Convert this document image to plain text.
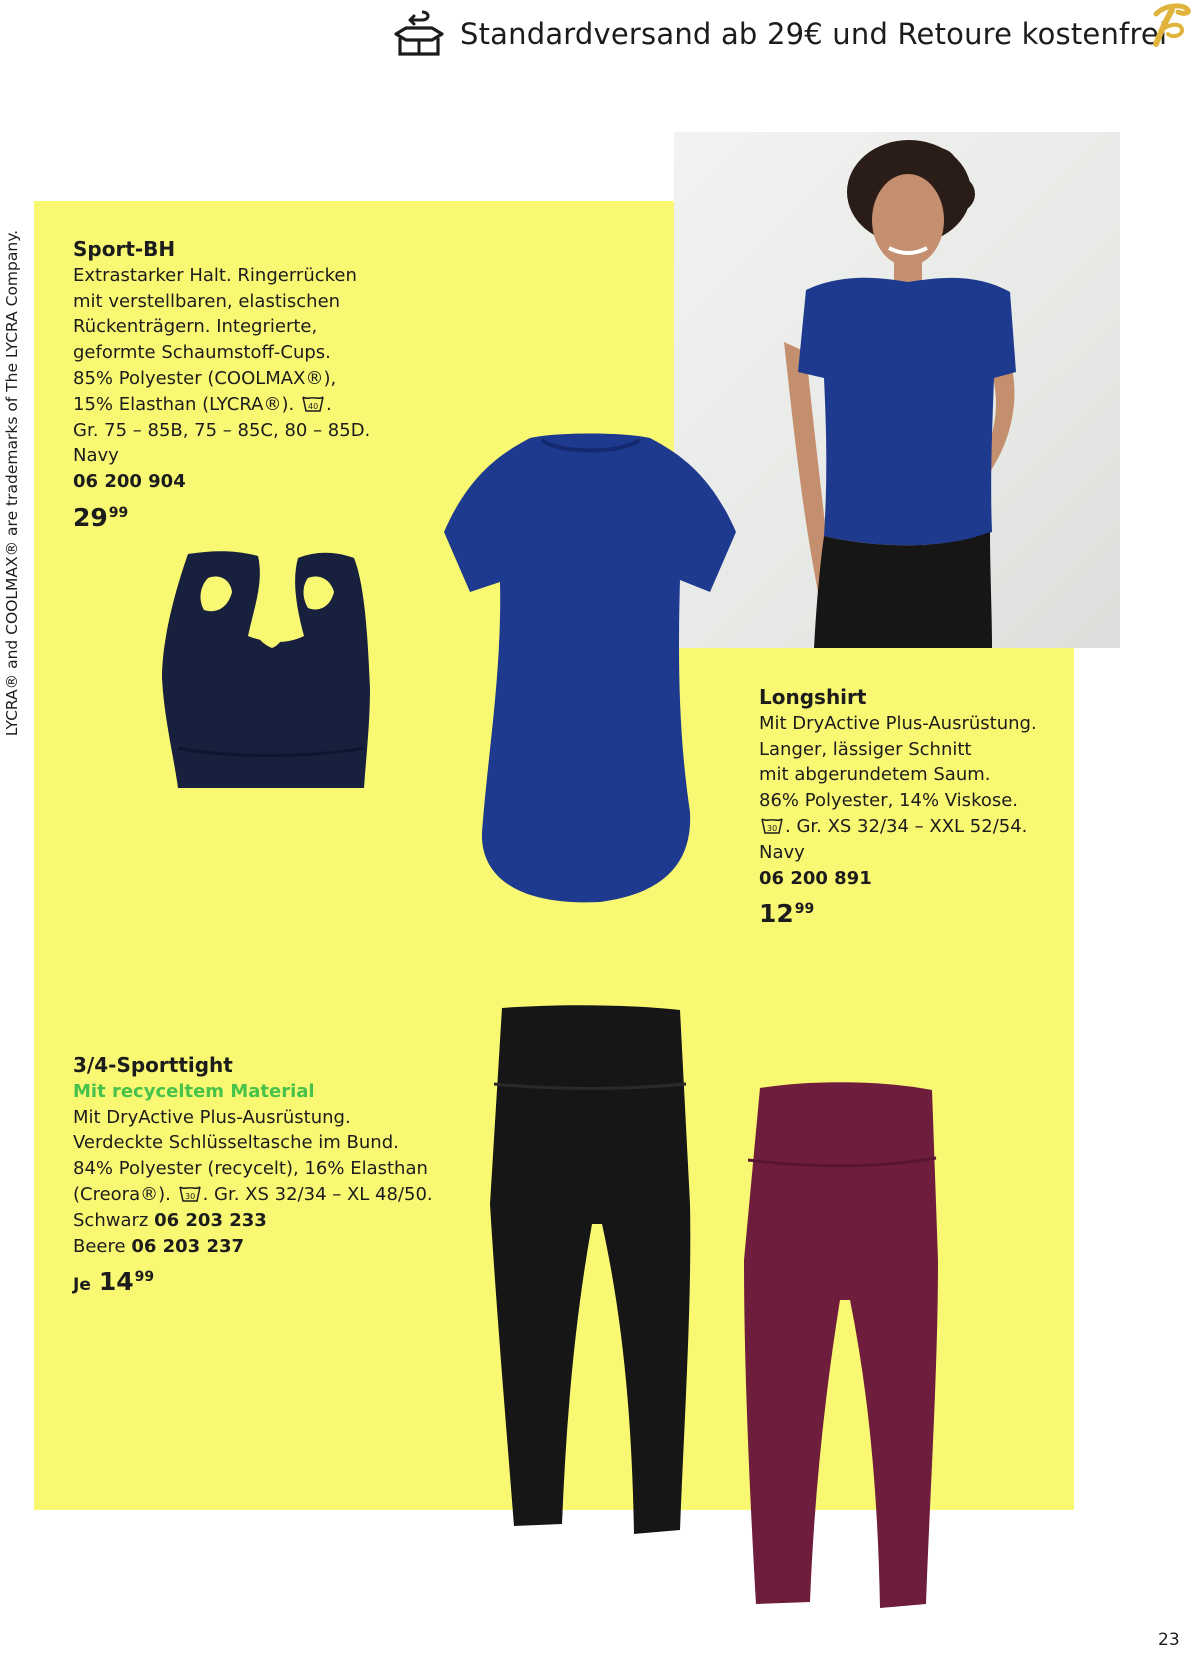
Standardversand ab 29€ und Retoure kostenfrei
LYCRA® and COOLMAX® are trademarks of The LYCRA Company.	Sport-BH
Extrastarker Halt. Ringerrücken
mit verstellbaren, elastischen
Rückenträgern. Integrierte,
geformte Schaumstoff-Cups.
85% Polyester (COOLMAX®),
15% Elasthan (LYCRA®). 40 .
Gr. 75 – 85B, 75 – 85C, 80 – 85D.
Navy
06 200 904
$29^{99}$
Longshirt
Mit DryActive Plus-Ausrüstung.
Langer, lässiger Schnitt
mit abgerundetem Saum.
86% Polyester, 14% Viskose.
30 . Gr. XS 32/34 – XXL 52/54.
Navy
06 200 891
$12^{99}$
3/4-Sporttight
Mit recyceltem Material
Mit DryActive Plus-Ausrüstung.
Verdeckte Schlüsseltasche im Bund.
84% Polyester (recycelt), 16% Elasthan
(Creora®). 30 . Gr. XS 32/34 – XL 48/50.
Schwarz 06 203 233
Beere 06 203 237
Je $14^{99}$
23
